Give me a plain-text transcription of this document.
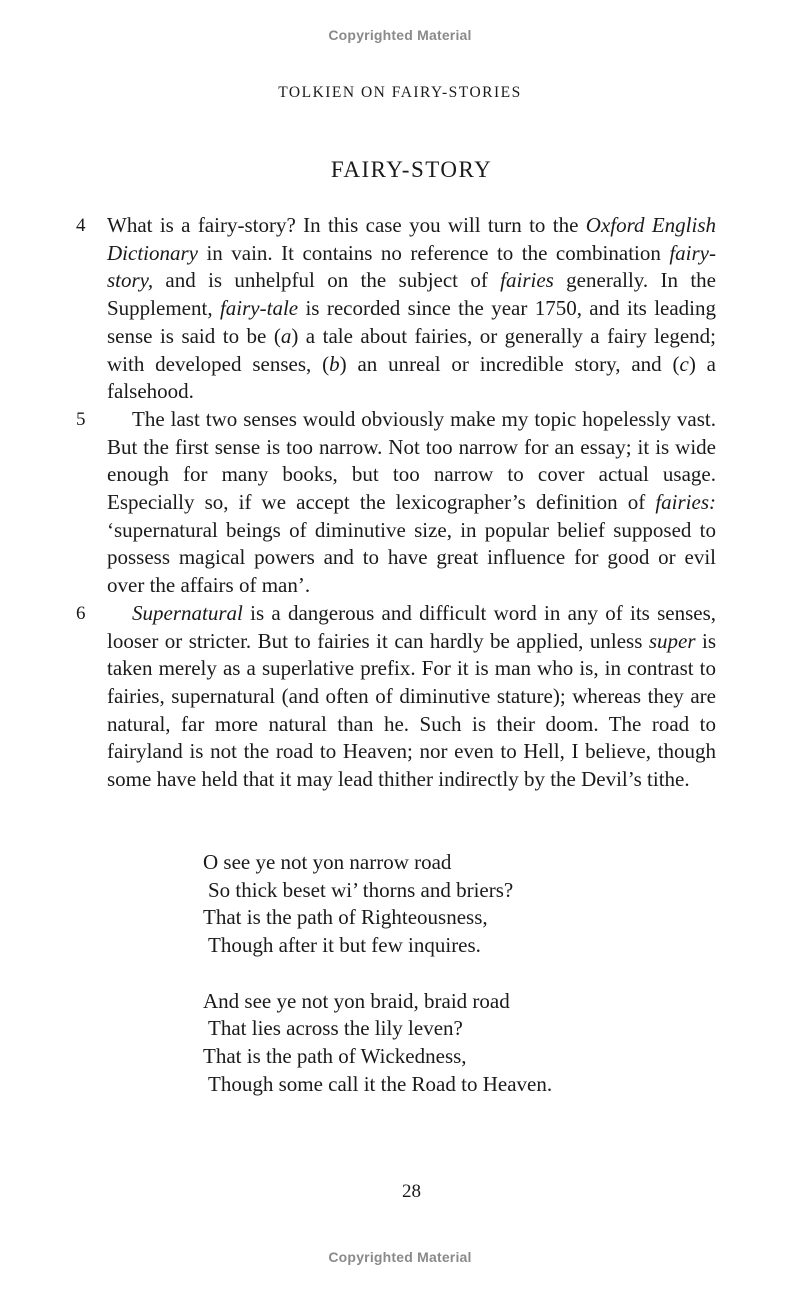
Copyrighted Material
TOLKIEN ON FAIRY-STORIES
FAIRY-STORY

4 What is a fairy-story? In this case you will turn to the Oxford English Dictionary in vain. It contains no reference to the combination fairy-story, and is unhelpful on the subject of fairies generally. In the Supplement, fairy-tale is recorded since the year 1750, and its leading sense is said to be (a) a tale about fairies, or generally a fairy legend; with developed senses, (b) an unreal or incredible story, and (c) a falsehood.

5 The last two senses would obviously make my topic hopelessly vast. But the first sense is too narrow. Not too narrow for an essay; it is wide enough for many books, but too narrow to cover actual usage. Especially so, if we accept the lexicographer’s definition of fairies: ‘supernatural beings of diminutive size, in popular belief supposed to possess magical powers and to have great influence for good or evil over the affairs of man’.

6 Supernatural is a dangerous and difficult word in any of its senses, looser or stricter. But to fairies it can hardly be applied, unless super is taken merely as a superlative prefix. For it is man who is, in contrast to fairies, supernatural (and often of diminutive stature); whereas they are natural, far more natural than he. Such is their doom. The road to fairyland is not the road to Heaven; nor even to Hell, I believe, though some have held that it may lead thither indirectly by the Devil’s tithe.

O see ye not yon narrow road
So thick beset wi’ thorns and briers?
That is the path of Righteousness,
Though after it but few inquires.
And see ye not yon braid, braid road
That lies across the lily leven?
That is the path of Wickedness,
Though some call it the Road to Heaven.
28
Copyrighted Material
